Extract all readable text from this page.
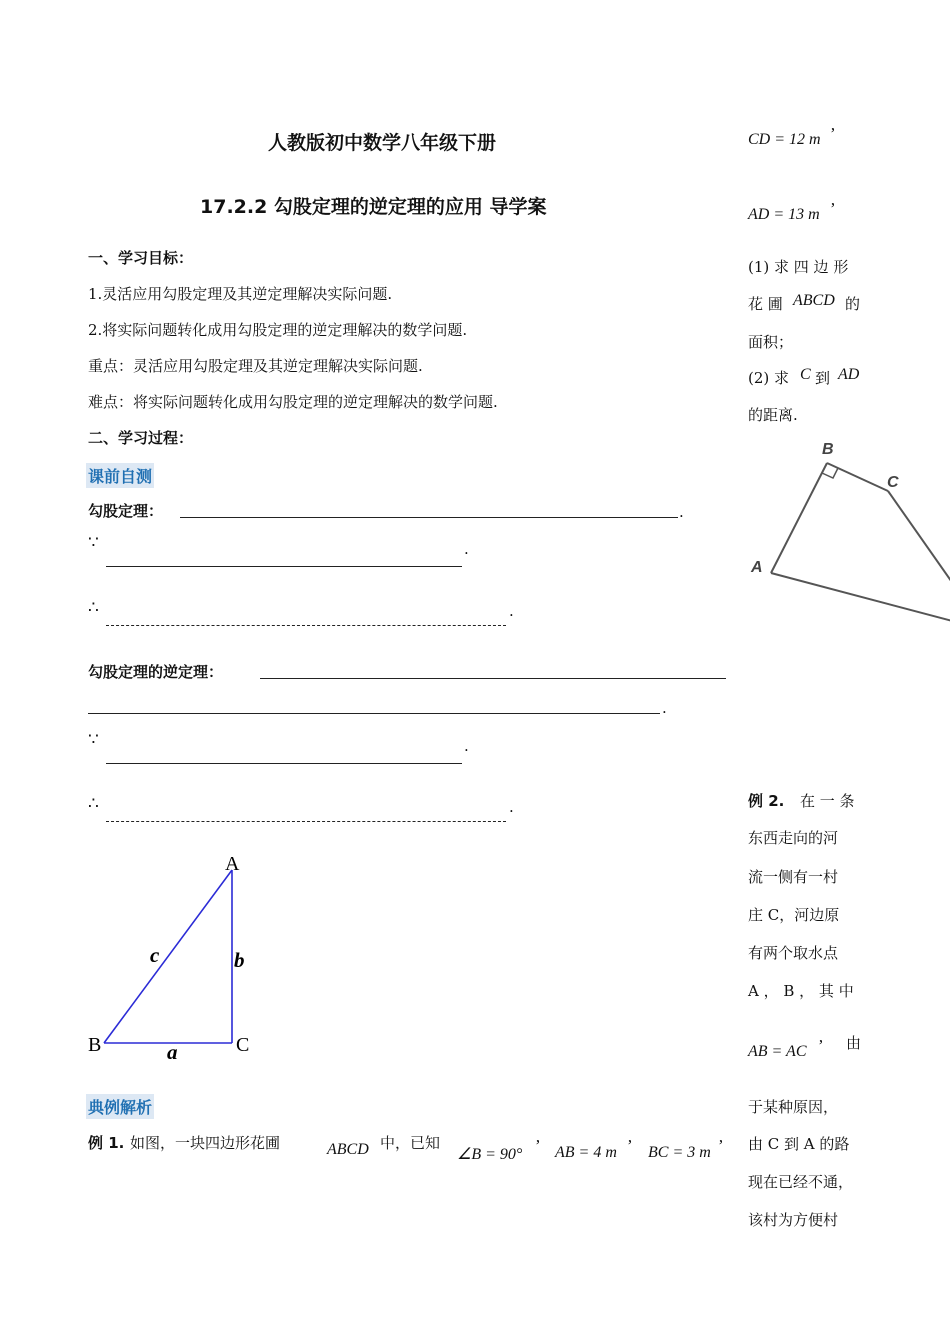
人教版初中数学八年级下册
17.2.2 勾股定理的逆定理的应用 导学案
一、学习目标：
1.灵活应用勾股定理及其逆定理解决实际问题.
2.将实际问题转化成用勾股定理的逆定理解决的数学问题.
重点：灵活应用勾股定理及其逆定理解决实际问题.
难点：将实际问题转化成用勾股定理的逆定理解决的数学问题.
二、学习过程：
课前自测
勾股定理：	.
∵	.
∴	.
勾股定理的逆定理：
.
∵	.
∴	.
A
B	C
c	b
a
典例解析
例 1. 如图，一块四边形花圃	ABCD 中，已知
∠B = 90° ’ AB = 4 m ’ BC = 3 m ’
CD = 12 m ’
AD = 13 m ’
(1) 求 四 边 形
花 圃 ABCD 的
面积；
(2) 求 C 到 AD
的距离.
B
C
A
例 2. 在 一 条
东西走向的河
流一侧有一村
庄 C，河边原
有两个取水点
A ， B ， 其 中
AB = AC ’ 由
于某种原因，
由 C 到 A 的路
现在已经不通，
该村为方便村
